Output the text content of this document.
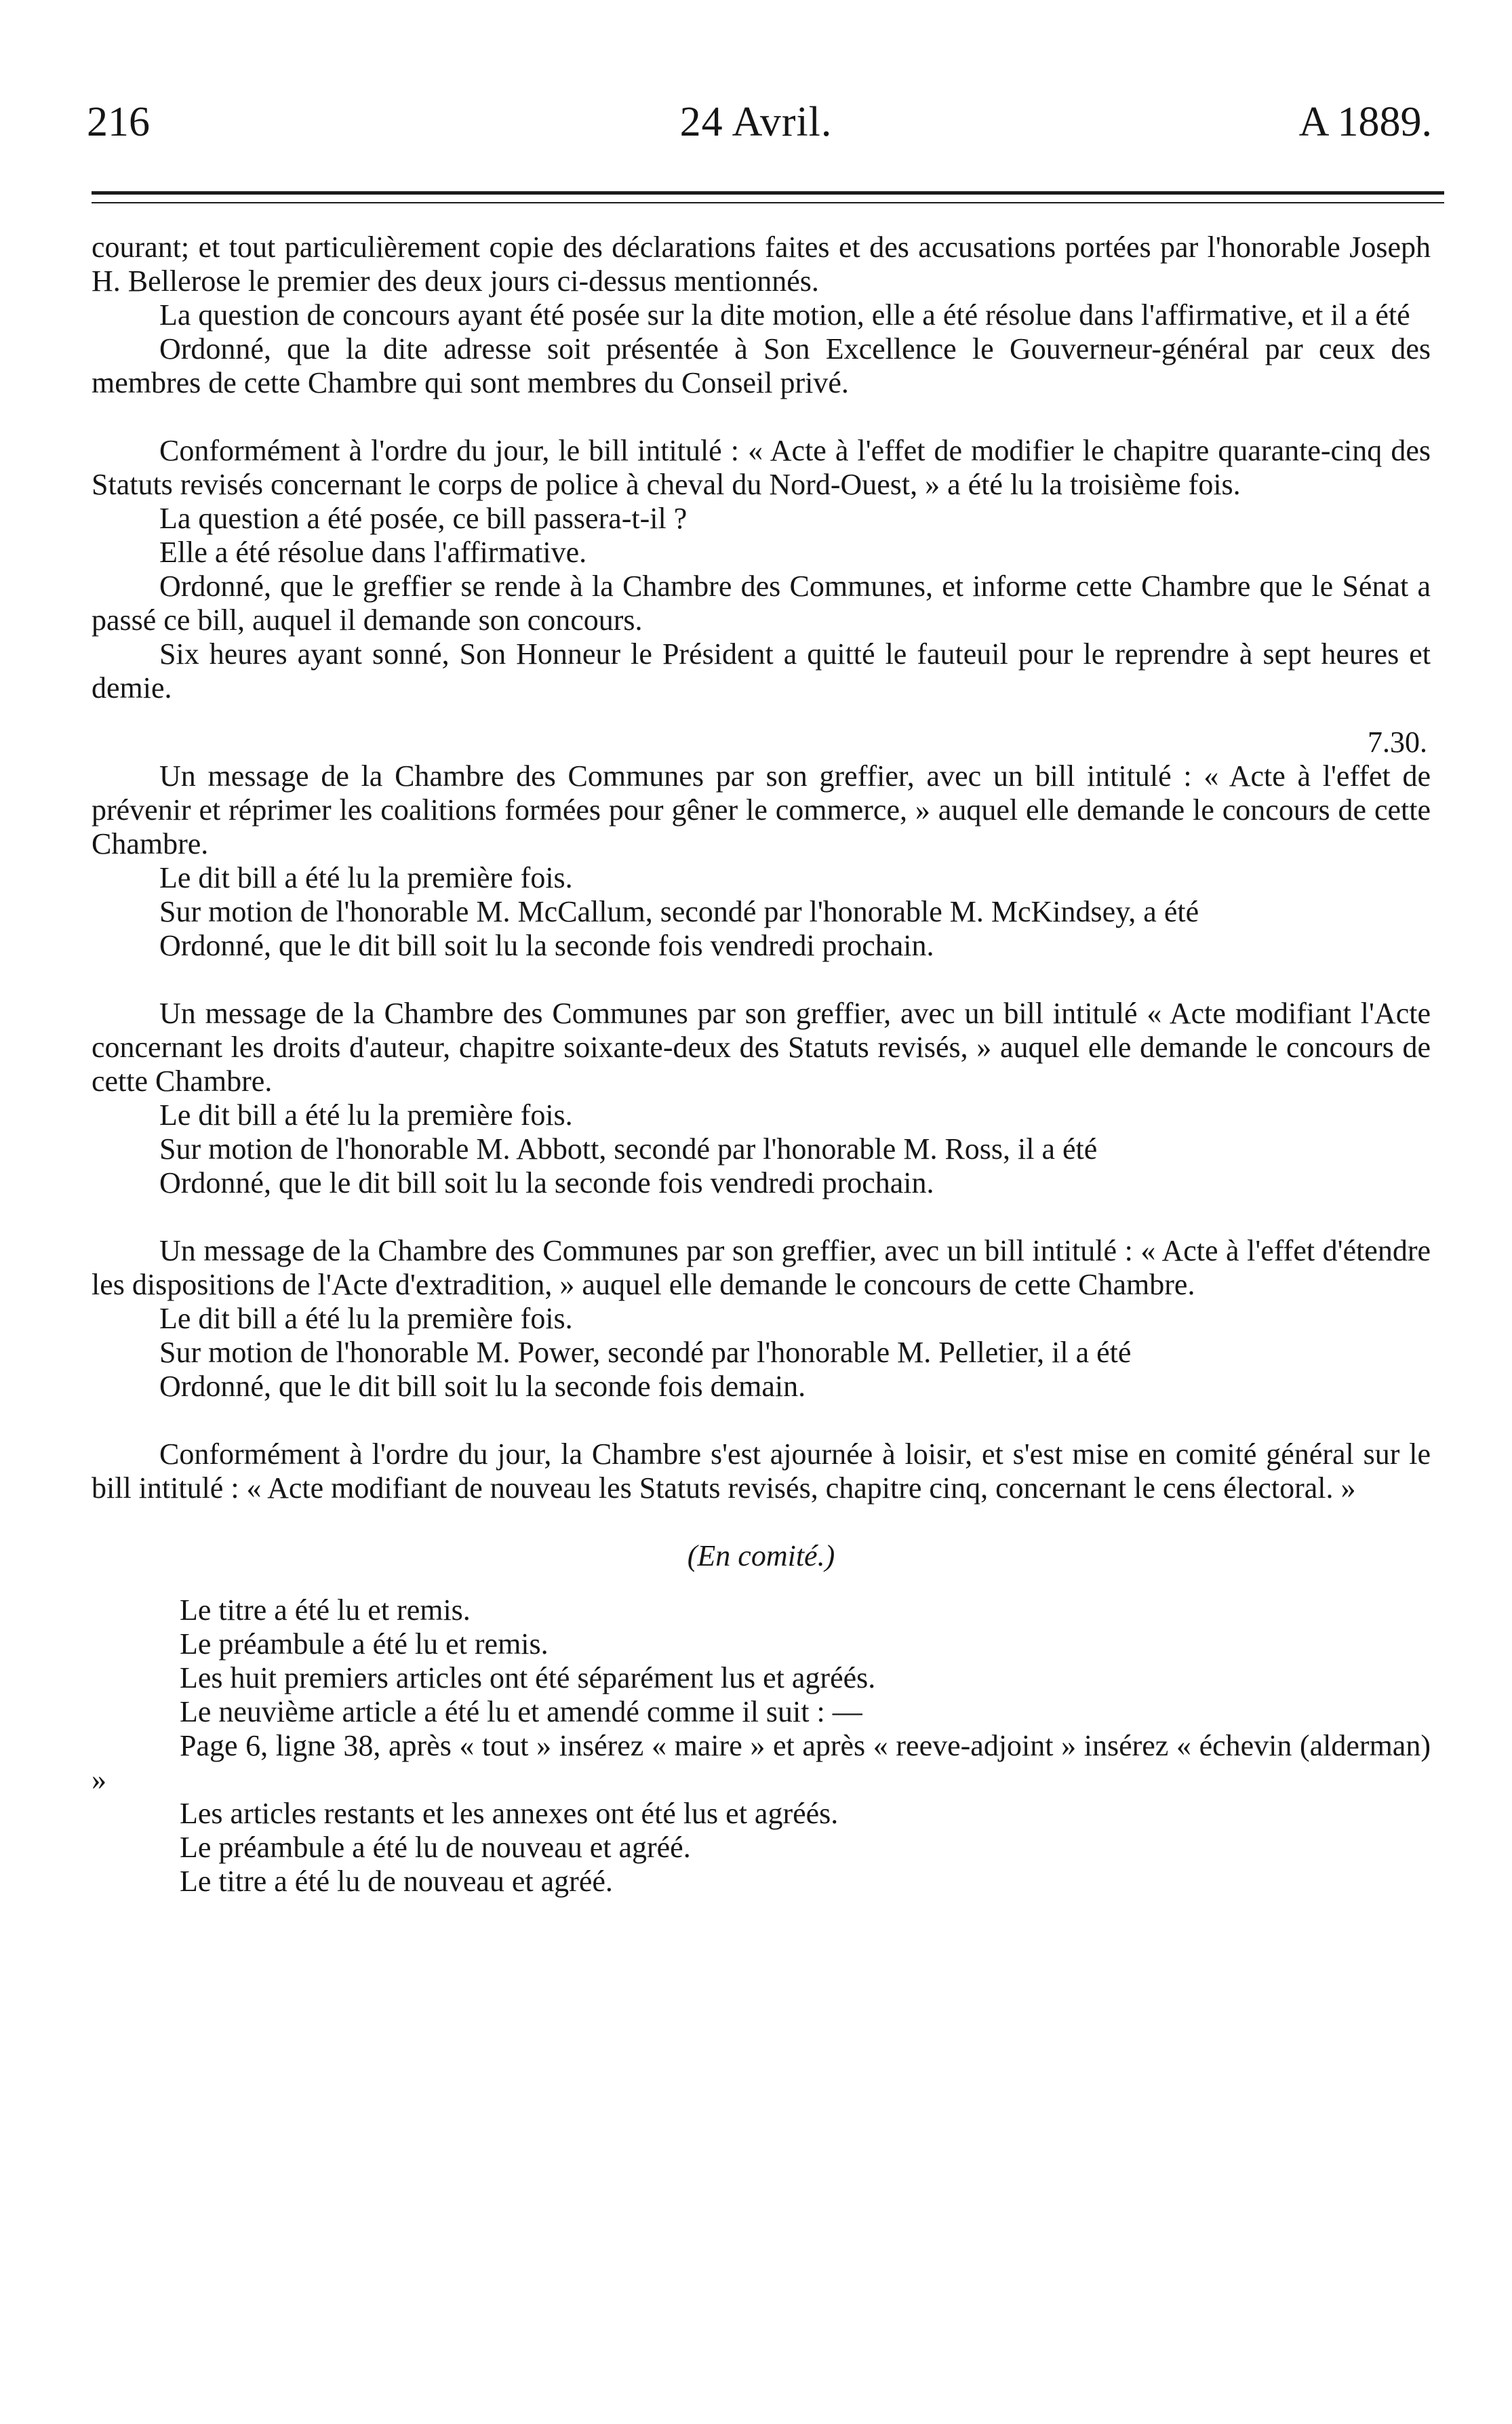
216	24 Avril.	A 1889.

courant; et tout particulièrement copie des déclarations faites et des accusations portées par l'honorable Joseph H. Bellerose le premier des deux jours ci-dessus mentionnés.

La question de concours ayant été posée sur la dite motion, elle a été résolue dans l'affirmative, et il a été

Ordonné, que la dite adresse soit présentée à Son Excellence le Gouverneur-général par ceux des membres de cette Chambre qui sont membres du Conseil privé.

Conformément à l'ordre du jour, le bill intitulé : « Acte à l'effet de modifier le chapitre quarante-cinq des Statuts revisés concernant le corps de police à cheval du Nord-Ouest, » a été lu la troisième fois.

La question a été posée, ce bill passera-t-il ?

Elle a été résolue dans l'affirmative.

Ordonné, que le greffier se rende à la Chambre des Communes, et informe cette Chambre que le Sénat a passé ce bill, auquel il demande son concours.

Six heures ayant sonné, Son Honneur le Président a quitté le fauteuil pour le reprendre à sept heures et demie.

7.30.

Un message de la Chambre des Communes par son greffier, avec un bill intitulé : « Acte à l'effet de prévenir et réprimer les coalitions formées pour gêner le commerce, » auquel elle demande le concours de cette Chambre.

Le dit bill a été lu la première fois.

Sur motion de l'honorable M. McCallum, secondé par l'honorable M. McKindsey, a été

Ordonné, que le dit bill soit lu la seconde fois vendredi prochain.

Un message de la Chambre des Communes par son greffier, avec un bill intitulé « Acte modifiant l'Acte concernant les droits d'auteur, chapitre soixante-deux des Statuts revisés, » auquel elle demande le concours de cette Chambre.

Le dit bill a été lu la première fois.

Sur motion de l'honorable M. Abbott, secondé par l'honorable M. Ross, il a été

Ordonné, que le dit bill soit lu la seconde fois vendredi prochain.

Un message de la Chambre des Communes par son greffier, avec un bill intitulé : « Acte à l'effet d'étendre les dispositions de l'Acte d'extradition, » auquel elle demande le concours de cette Chambre.

Le dit bill a été lu la première fois.

Sur motion de l'honorable M. Power, secondé par l'honorable M. Pelletier, il a été

Ordonné, que le dit bill soit lu la seconde fois demain.

Conformément à l'ordre du jour, la Chambre s'est ajournée à loisir, et s'est mise en comité général sur le bill intitulé : « Acte modifiant de nouveau les Statuts revisés, chapitre cinq, concernant le cens électoral. »

(En comité.)

Le titre a été lu et remis.

Le préambule a été lu et remis.

Les huit premiers articles ont été séparément lus et agréés.

Le neuvième article a été lu et amendé comme il suit : —

Page 6, ligne 38, après « tout » insérez « maire » et après « reeve-adjoint » insérez « échevin (alderman) »

Les articles restants et les annexes ont été lus et agréés.

Le préambule a été lu de nouveau et agréé.

Le titre a été lu de nouveau et agréé.
